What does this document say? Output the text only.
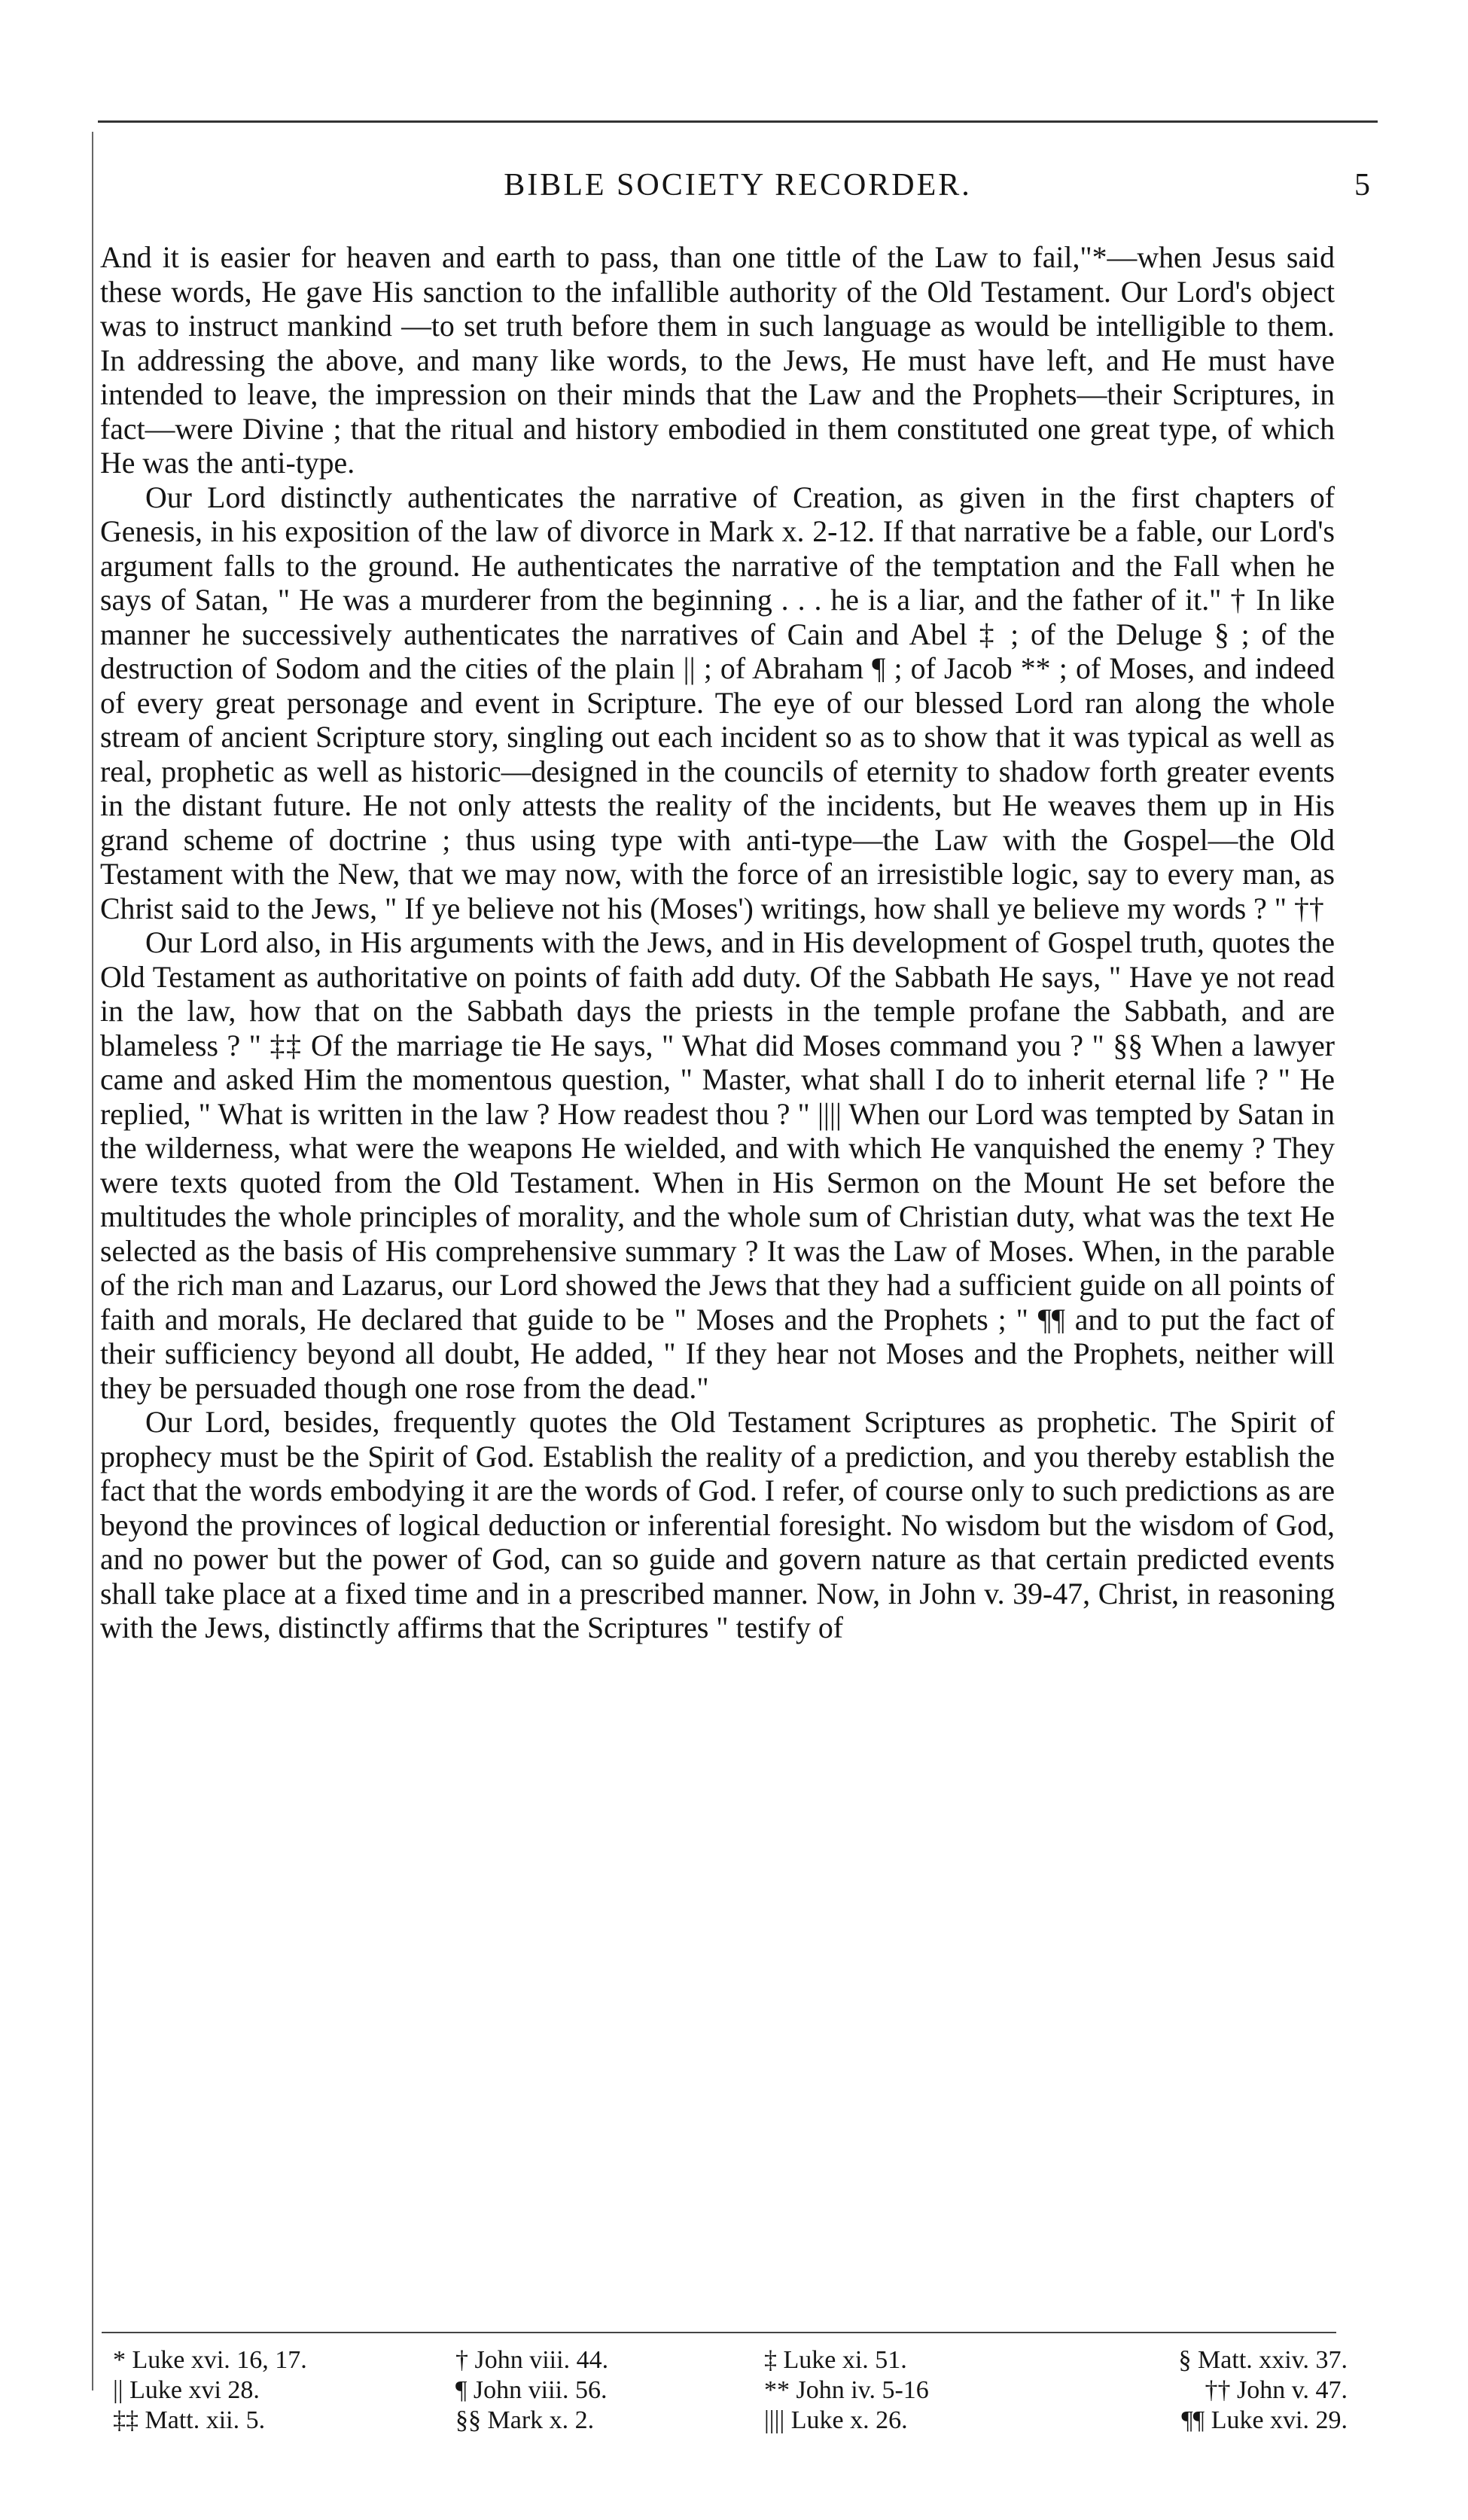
BIBLE SOCIETY RECORDER.	5

And it is easier for heaven and earth to pass, than one tittle of the Law to fail,"*—when Jesus said these words, He gave His sanction to the infallible authority of the Old Testament. Our Lord's object was to instruct mankind —to set truth before them in such language as would be intelligible to them. In addressing the above, and many like words, to the Jews, He must have left, and He must have intended to leave, the impression on their minds that the Law and the Prophets—their Scriptures, in fact—were Divine ; that the ritual and history embodied in them constituted one great type, of which He was the anti-type.

Our Lord distinctly authenticates the narrative of Creation, as given in the first chapters of Genesis, in his exposition of the law of divorce in Mark x. 2-12. If that narrative be a fable, our Lord's argument falls to the ground. He authenticates the narrative of the temptation and the Fall when he says of Satan, " He was a murderer from the beginning . . . he is a liar, and the father of it." † In like manner he successively authenticates the narratives of Cain and Abel ‡ ; of the Deluge § ; of the destruction of Sodom and the cities of the plain || ; of Abraham ¶ ; of Jacob ** ; of Moses, and indeed of every great personage and event in Scripture. The eye of our blessed Lord ran along the whole stream of ancient Scripture story, singling out each incident so as to show that it was typical as well as real, prophetic as well as historic—designed in the councils of eternity to shadow forth greater events in the distant future. He not only attests the reality of the incidents, but He weaves them up in His grand scheme of doctrine ; thus using type with anti-type—the Law with the Gospel—the Old Testament with the New, that we may now, with the force of an irresistible logic, say to every man, as Christ said to the Jews, " If ye believe not his (Moses') writings, how shall ye believe my words ? " ††

Our Lord also, in His arguments with the Jews, and in His development of Gospel truth, quotes the Old Testament as authoritative on points of faith add duty. Of the Sabbath He says, " Have ye not read in the law, how that on the Sabbath days the priests in the temple profane the Sabbath, and are blameless ? " ‡‡ Of the marriage tie He says, " What did Moses command you ? " §§ When a lawyer came and asked Him the momentous question, " Master, what shall I do to inherit eternal life ? " He replied, " What is written in the law ? How readest thou ? " |||| When our Lord was tempted by Satan in the wilderness, what were the weapons He wielded, and with which He vanquished the enemy ? They were texts quoted from the Old Testament. When in His Sermon on the Mount He set before the multitudes the whole principles of morality, and the whole sum of Christian duty, what was the text He selected as the basis of His comprehensive summary ? It was the Law of Moses. When, in the parable of the rich man and Lazarus, our Lord showed the Jews that they had a sufficient guide on all points of faith and morals, He declared that guide to be " Moses and the Prophets ; " ¶¶ and to put the fact of their sufficiency beyond all doubt, He added, " If they hear not Moses and the Prophets, neither will they be persuaded though one rose from the dead."

Our Lord, besides, frequently quotes the Old Testament Scriptures as prophetic. The Spirit of prophecy must be the Spirit of God. Establish the reality of a prediction, and you thereby establish the fact that the words embodying it are the words of God. I refer, of course only to such predictions as are beyond the provinces of logical deduction or inferential foresight. No wisdom but the wisdom of God, and no power but the power of God, can so guide and govern nature as that certain predicted events shall take place at a fixed time and in a prescribed manner. Now, in John v. 39-47, Christ, in reasoning with the Jews, distinctly affirms that the Scriptures " testify of

* Luke xvi. 16, 17.	† John viii. 44.	‡ Luke xi. 51.	§ Matt. xxiv. 37.
|| Luke xvi 28.	¶ John viii. 56.	** John iv. 5-16	†† John v. 47.
‡‡ Matt. xii. 5.	§§ Mark x. 2.	|||| Luke x. 26.	¶¶ Luke xvi. 29.
